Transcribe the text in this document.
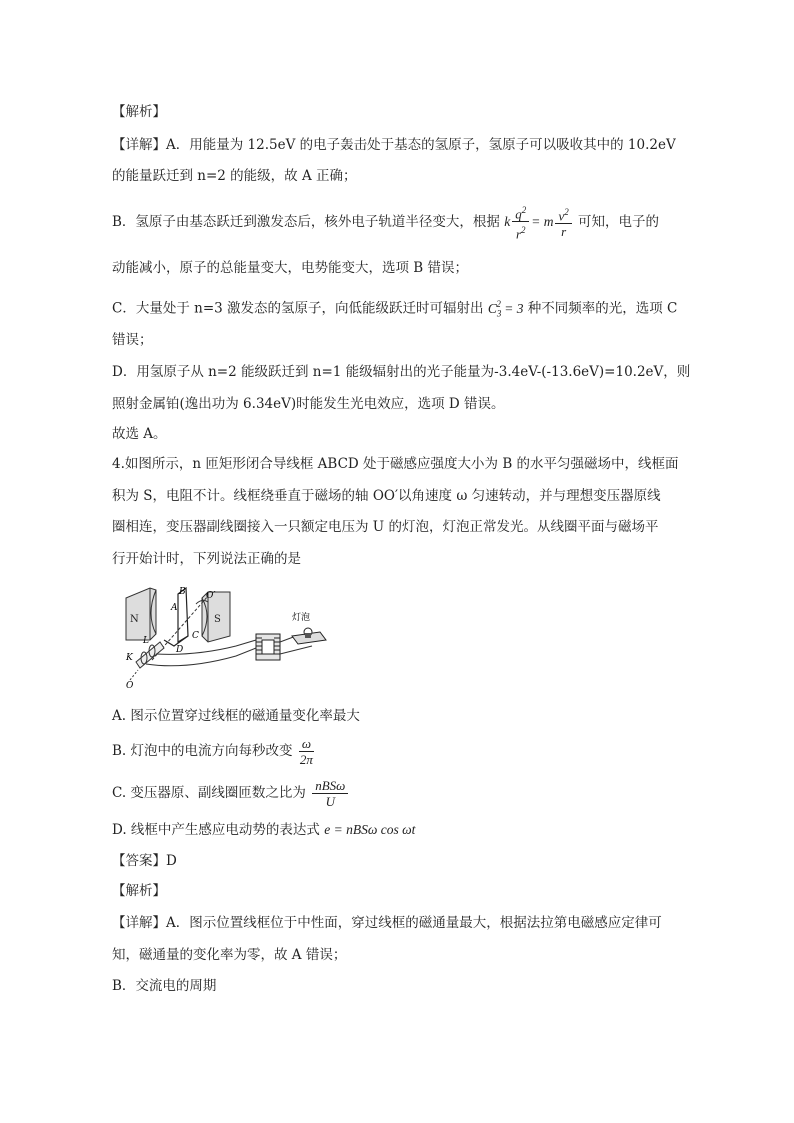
【解析】
【详解】A．用能量为 12.5eV 的电子轰击处于基态的氢原子，氢原子可以吸收其中的 10.2eV
的能量跃迁到 n=2 的能级，故 A 正确；
B．氢原子由基态跃迁到激发态后，核外电子轨道半径变大，根据 k $\frac{q^2}{r^2} = m \frac{v^2}{r}$ 可知，电子的
动能减小，原子的总能量变大，电势能变大，选项 B 错误；
C．大量处于 n=3 激发态的氢原子，向低能级跃迁时可辐射出 $C_3^2 = 3$ 种不同频率的光，选项 C
错误；
D．用氢原子从 n=2 能级跃迁到 n=1 能级辐射出的光子能量为-3.4eV-(-13.6eV)=10.2eV，则
照射金属铂(逸出功为 6.34eV)时能发生光电效应，选项 D 错误。
故选 A。
4.如图所示，n 匝矩形闭合导线框 ABCD 处于磁感应强度大小为 B 的水平匀强磁场中，线框面
积为 S，电阻不计。线框绕垂直于磁场的轴 OO′以角速度 ω 匀速转动，并与理想变压器原线
圈相连，变压器副线圈接入一只额定电压为 U 的灯泡，灯泡正常发光。从线圈平面与磁场平
行开始计时，下列说法正确的是
N	S
B
A
C
D
L
K
O
O′
灯泡
A. 图示位置穿过线框的磁通量变化率最大
B. 灯泡中的电流方向每秒改变 $\frac{\omega}{2\pi}$
C. 变压器原、副线圈匝数之比为 $\frac{\text{nBSω}}{U}$
D. 线框中产生感应电动势的表达式 e = nBSω cos ωt
【答案】D
【解析】
【详解】A．图示位置线框位于中性面，穿过线框的磁通量最大，根据法拉第电磁感应定律可
知，磁通量的变化率为零，故 A 错误；
B．交流电的周期
